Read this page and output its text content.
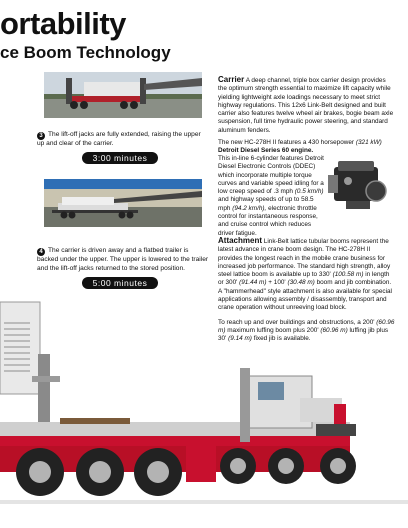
ortability
ce Boom Technology
3 The lift-off jacks are fully extended, raising the upper up and clear of the carrier.
3:00 minutes
4 The carrier is driven away and a flatbed trailer is backed under the upper. The upper is lowered to the trailer and the lift-off jacks returned to the stored position.
5:00 minutes

Carrier A deep channel, triple box carrier design provides the optimum strength essential to maximize lift capacity while yielding lightweight axle loadings necessary to meet strict highway regulations. This 12x6 Link-Belt designed and built carrier also features twelve wheel air brakes, bogie beam axle suspension, full time hydraulic power steering, and standard aluminum fenders.

The new HC-278H II features a 430 horsepower (321 kW) Detroit Diesel Series 60 engine.

This in-line 6-cylinder features Detroit Diesel Electronic Controls (DDEC) which incorporate multiple torque curves and variable speed idling for a low creep speed of .3 mph (0.5 km/h) and highway speeds of up to 58.5 mph (94.2 km/h), electronic throttle control for instantaneous response, and cruise control which reduces driver fatigue.

Attachment Link-Belt lattice tubular booms represent the latest advance in crane boom design. The HC-278H II provides the longest reach in the mobile crane business for increased job performance. The standard high strength, alloy steel lattice boom is available up to 330' (100.58 m) in length or 300' (91.44 m) + 100' (30.48 m) boom and jib combination. A "hammerhead" style attachment is also available for special applications allowing assembly / disassembly, transport and crane operation without unreeving load block.

To reach up and over buildings and obstructions, a 200' (60.96 m) maximum luffing boom plus 200' (60.96 m) luffing jib plus 30' (9.14 m) fixed jib is available.
